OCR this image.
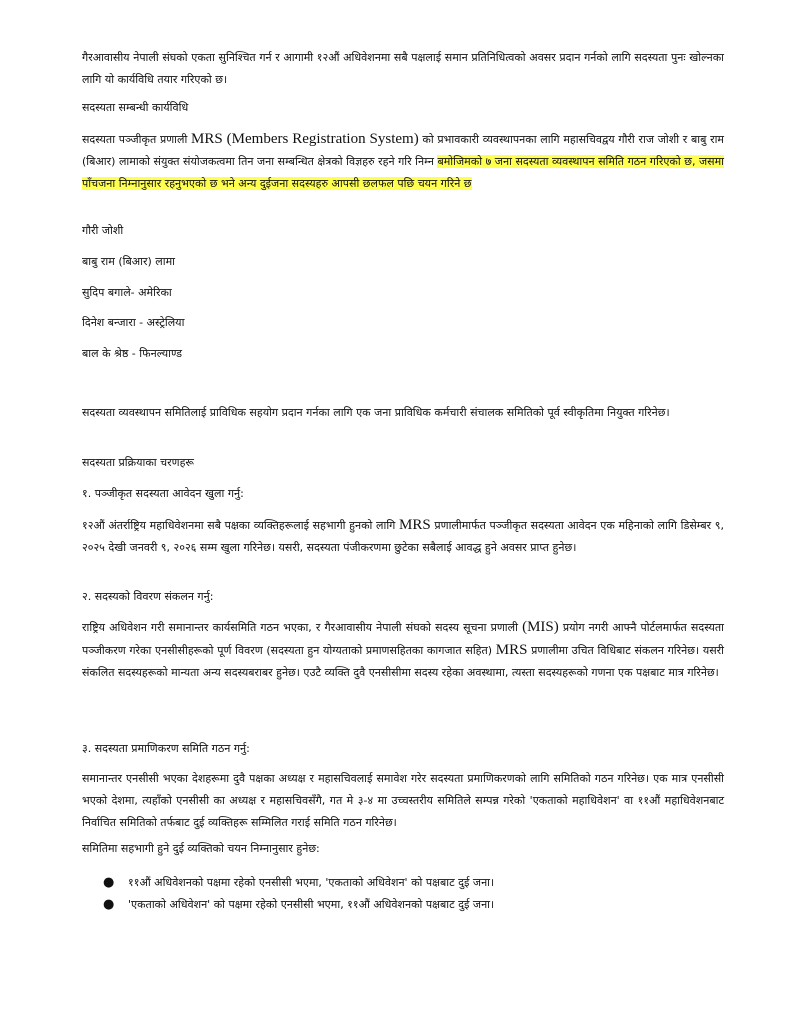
गैरआवासीय नेपाली संघको एकता सुनिश्चित गर्न र आगामी १२औं अधिवेशनमा सबै पक्षलाई समान प्रतिनिधित्वको अवसर प्रदान गर्नको लागि सदस्यता पुनः खोल्नका लागि यो कार्यविधि तयार गरिएको छ।

सदस्यता सम्बन्धी कार्यविधि

सदस्यता पञ्जीकृत प्रणाली MRS (Members Registration System) को प्रभावकारी व्यवस्थापनका लागि महासचिवद्वय गौरी राज जोशी र बाबु राम (बिआर) लामाको संयुक्त संयोजकत्वमा तिन जना सम्बन्धित क्षेत्रको विज्ञहरु रहने गरि निम्न बमोजिमको ७ जना सदस्यता व्यवस्थापन समिति गठन गरिएको छ, जसमा पाँचजना निम्नानुसार रहनुभएको छ भने अन्य दुईजना सदस्यहरु आपसी छलफल पछि चयन गरिने छ

गौरी जोशी

बाबु राम (बिआर) लामा

सुदिप बगाले- अमेरिका

दिनेश बन्जारा - अस्ट्रेलिया

बाल के श्रेष्ठ - फिनल्याण्ड

सदस्यता व्यवस्थापन समितिलाई प्राविधिक सहयोग प्रदान गर्नका लागि एक जना प्राविधिक कर्मचारी संचालक समितिको पूर्व स्वीकृतिमा नियुक्त गरिनेछ।

सदस्यता प्रक्रियाका चरणहरू

१. पञ्जीकृत सदस्यता आवेदन खुला गर्नु:

१२औं अंतर्राष्ट्रिय महाधिवेशनमा सबै पक्षका व्यक्तिहरूलाई सहभागी हुनको लागि MRS प्रणालीमार्फत पञ्जीकृत सदस्यता आवेदन एक महिनाको लागि डिसेम्बर ९, २०२५ देखी जनवरी ९, २०२६ सम्म खुला गरिनेछ। यसरी, सदस्यता पंजीकरणमा छुटेका सबैलाई आवद्ध हुने अवसर प्राप्त हुनेछ।

२. सदस्यको विवरण संकलन गर्नु:

राष्ट्रिय अधिवेशन गरी समानान्तर कार्यसमिति गठन भएका, र गैरआवासीय नेपाली संघको सदस्य सूचना प्रणाली (MIS) प्रयोग नगरी आफ्नै पोर्टलमार्फत सदस्यता पञ्जीकरण गरेका एनसीसीहरूको पूर्ण विवरण (सदस्यता हुन योग्यताको प्रमाणसहितका कागजात सहित) MRS प्रणालीमा उचित विधिबाट संकलन गरिनेछ। यसरी संकलित सदस्यहरूको मान्यता अन्य सदस्यबराबर हुनेछ। एउटै व्यक्ति दुवै एनसीसीमा सदस्य रहेका अवस्थामा, त्यस्ता सदस्यहरूको गणना एक पक्षबाट मात्र गरिनेछ।

३. सदस्यता प्रमाणिकरण समिति गठन गर्नु:

समानान्तर एनसीसी भएका देशहरूमा दुवै पक्षका अध्यक्ष र महासचिवलाई समावेश गरेर सदस्यता प्रमाणिकरणको लागि समितिको गठन गरिनेछ। एक मात्र एनसीसी भएको देशमा, त्यहाँको एनसीसी का अध्यक्ष र महासचिवसँगै, गत मे ३-४ मा उच्चस्तरीय समितिले सम्पन्न गरेको 'एकताको महाधिवेशन' वा ११औं महाधिवेशनबाट निर्वाचित समितिको तर्फबाट दुई व्यक्तिहरू सम्मिलित गराई समिति गठन गरिनेछ।

समितिमा सहभागी हुने दुई व्यक्तिको चयन निम्नानुसार हुनेछ:

● ११औं अधिवेशनको पक्षमा रहेको एनसीसी भएमा, 'एकताको अधिवेशन' को पक्षबाट दुई जना।
● 'एकताको अधिवेशन' को पक्षमा रहेको एनसीसी भएमा, ११औं अधिवेशनको पक्षबाट दुई जना।
